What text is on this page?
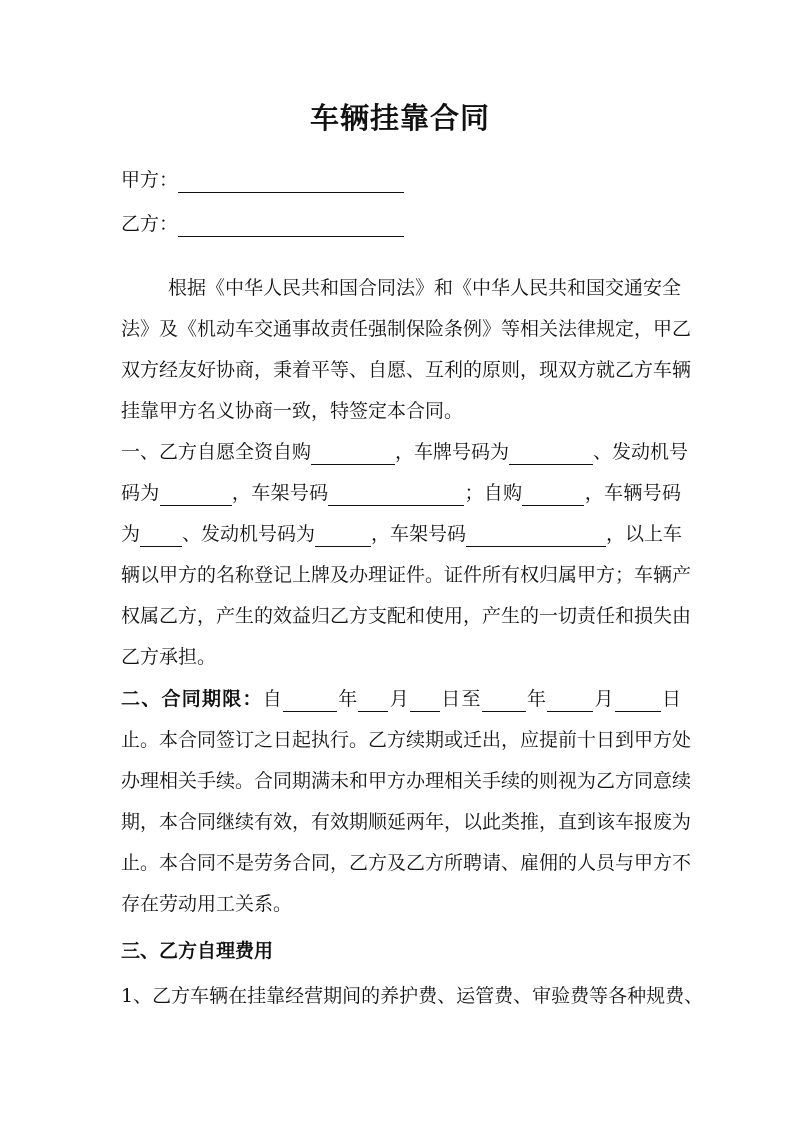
车辆挂靠合同
甲方：
乙方：
根据《中华人民共和国合同法》和《中华人民共和国交通安全
法》及《机动车交通事故责任强制保险条例》等相关法律规定，甲乙
双方经友好协商，秉着平等、自愿、互利的原则，现双方就乙方车辆
挂靠甲方名义协商一致，特签定本合同。
一、乙方自愿全资自购	，车牌号码为	、发动机号
码为	，车架号码	；自购	，车辆号码
为 、发动机号码为	，车架号码	，以上车
辆以甲方的名称登记上牌及办理证件。证件所有权归属甲方；车辆产
权属乙方，产生的效益归乙方支配和使用，产生的一切责任和损失由
乙方承担。
二、合同期限：自	年 月 日至 年 月 日
止。本合同签订之日起执行。乙方续期或迁出，应提前十日到甲方处
办理相关手续。合同期满未和甲方办理相关手续的则视为乙方同意续
期，本合同继续有效，有效期顺延两年，以此类推，直到该车报废为
止。本合同不是劳务合同，乙方及乙方所聘请、雇佣的人员与甲方不
存在劳动用工关系。
三、乙方自理费用
1、乙方车辆在挂靠经营期间的养护费、运管费、审验费等各种规费、
